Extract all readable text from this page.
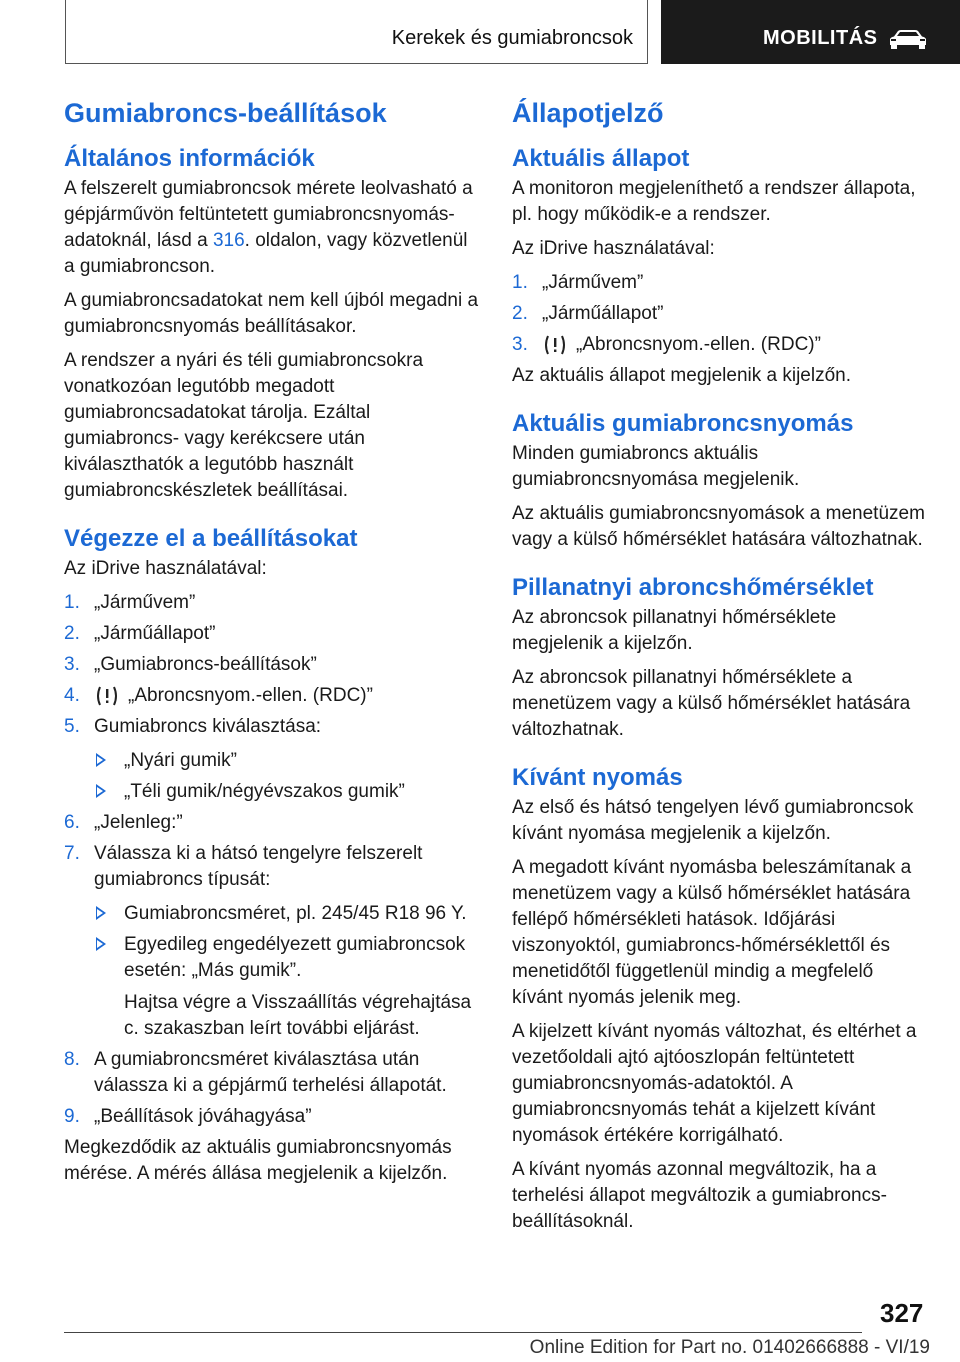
Kerekek és gumiabroncsok	MOBILITÁS
Gumiabroncs-beállítások
Általános információk

A felszerelt gumiabroncsok mérete leolvasható a gépjárművön feltüntetett gumiabroncsnyomás-adatoknál, lásd a 316. oldalon, vagy közvetlenül a gumiabroncson.

A gumiabroncsadatokat nem kell újból megadni a gumiabroncsnyomás beállításakor.

A rendszer a nyári és téli gumiabroncsokra vonatkozóan legutóbb megadott gumiabroncsadatokat tárolja. Ezáltal gumiabroncs- vagy kerékcsere után kiválaszthatók a legutóbb használt gumiabroncskészletek beállításai.

Végezze el a beállításokat

Az iDrive használatával:

1. „Járművem”
2. „Járműállapot”
3. „Gumiabroncs-beállítások”
4.	„Abroncsnyom.-ellen. (RDC)”
5. Gumiabroncs kiválasztása:
„Nyári gumik”
„Téli gumik/négyévszakos gumik”
6. „Jelenleg:”
7. Válassza ki a hátsó tengelyre felszerelt gumiabroncs típusát:
Gumiabroncsméret, pl. 245/45 R18 96 Y.
Egyedileg engedélyezett gumiabroncsok esetén: „Más gumik”.

Hajtsa végre a Visszaállítás végrehajtása c. szakaszban leírt további eljárást.

8. A gumiabroncsméret kiválasztása után válassza ki a gépjármű terhelési állapotát.
9. „Beállítások jóváhagyása”

Megkezdődik az aktuális gumiabroncsnyomás mérése. A mérés állása megjelenik a kijelzőn.

Állapotjelző
Aktuális állapot

A monitoron megjeleníthető a rendszer állapota, pl. hogy működik-e a rendszer.

Az iDrive használatával:

1. „Járművem”
2. „Járműállapot”
3.	„Abroncsnyom.-ellen. (RDC)”

Az aktuális állapot megjelenik a kijelzőn.

Aktuális gumiabroncsnyomás

Minden gumiabroncs aktuális gumiabroncsnyomása megjelenik.

Az aktuális gumiabroncsnyomások a menetüzem vagy a külső hőmérséklet hatására változhatnak.

Pillanatnyi abroncshőmérséklet

Az abroncsok pillanatnyi hőmérséklete megjelenik a kijelzőn.

Az abroncsok pillanatnyi hőmérséklete a menetüzem vagy a külső hőmérséklet hatására változhatnak.

Kívánt nyomás

Az első és hátsó tengelyen lévő gumiabroncsok kívánt nyomása megjelenik a kijelzőn.

A megadott kívánt nyomásba beleszámítanak a menetüzem vagy a külső hőmérséklet hatására fellépő hőmérsékleti hatások. Időjárási viszonyoktól, gumiabroncs-hőmérséklettől és menetidőtől függetlenül mindig a megfelelő kívánt nyomás jelenik meg.

A kijelzett kívánt nyomás változhat, és eltérhet a vezetőoldali ajtó ajtóoszlopán feltüntetett gumiabroncsnyomás-adatoktól. A gumiabroncsnyomás tehát a kijelzett kívánt nyomások értékére korrigálható.

A kívánt nyomás azonnal megváltozik, ha a terhelési állapot megváltozik a gumiabroncs-beállításoknál.

327
Online Edition for Part no. 01402666888 - VI/19
